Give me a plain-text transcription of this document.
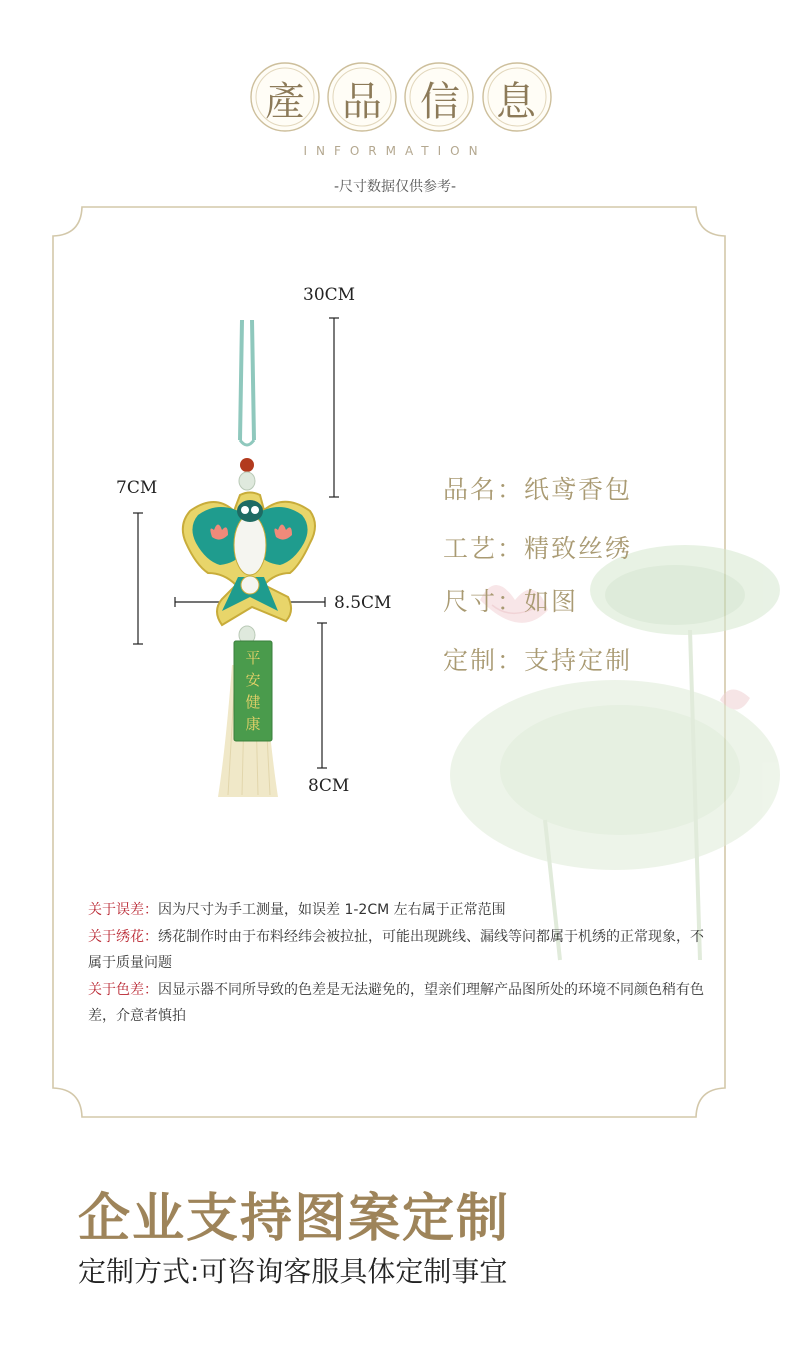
產 品 信 息
INFORMATION
-尺寸数据仅供参考-
30CM
7CM
8.5CM
8CM
平
安
健
康
品名：纸鸢香包
工艺：精致丝绣
尺寸：如图
定制：支持定制
关于误差：因为尺寸为手工测量，如误差 1-2CM 左右属于正常范围
关于绣花：绣花制作时由于布料经纬会被拉扯，可能出现跳线、漏线等问都属于机绣的正常现象，不属于质量问题
关于色差：因显示器不同所导致的色差是无法避免的，望亲们理解产品图所处的环境不同颜色稍有色差，介意者慎拍
企业支持图案定制
定制方式:可咨询客服具体定制事宜
